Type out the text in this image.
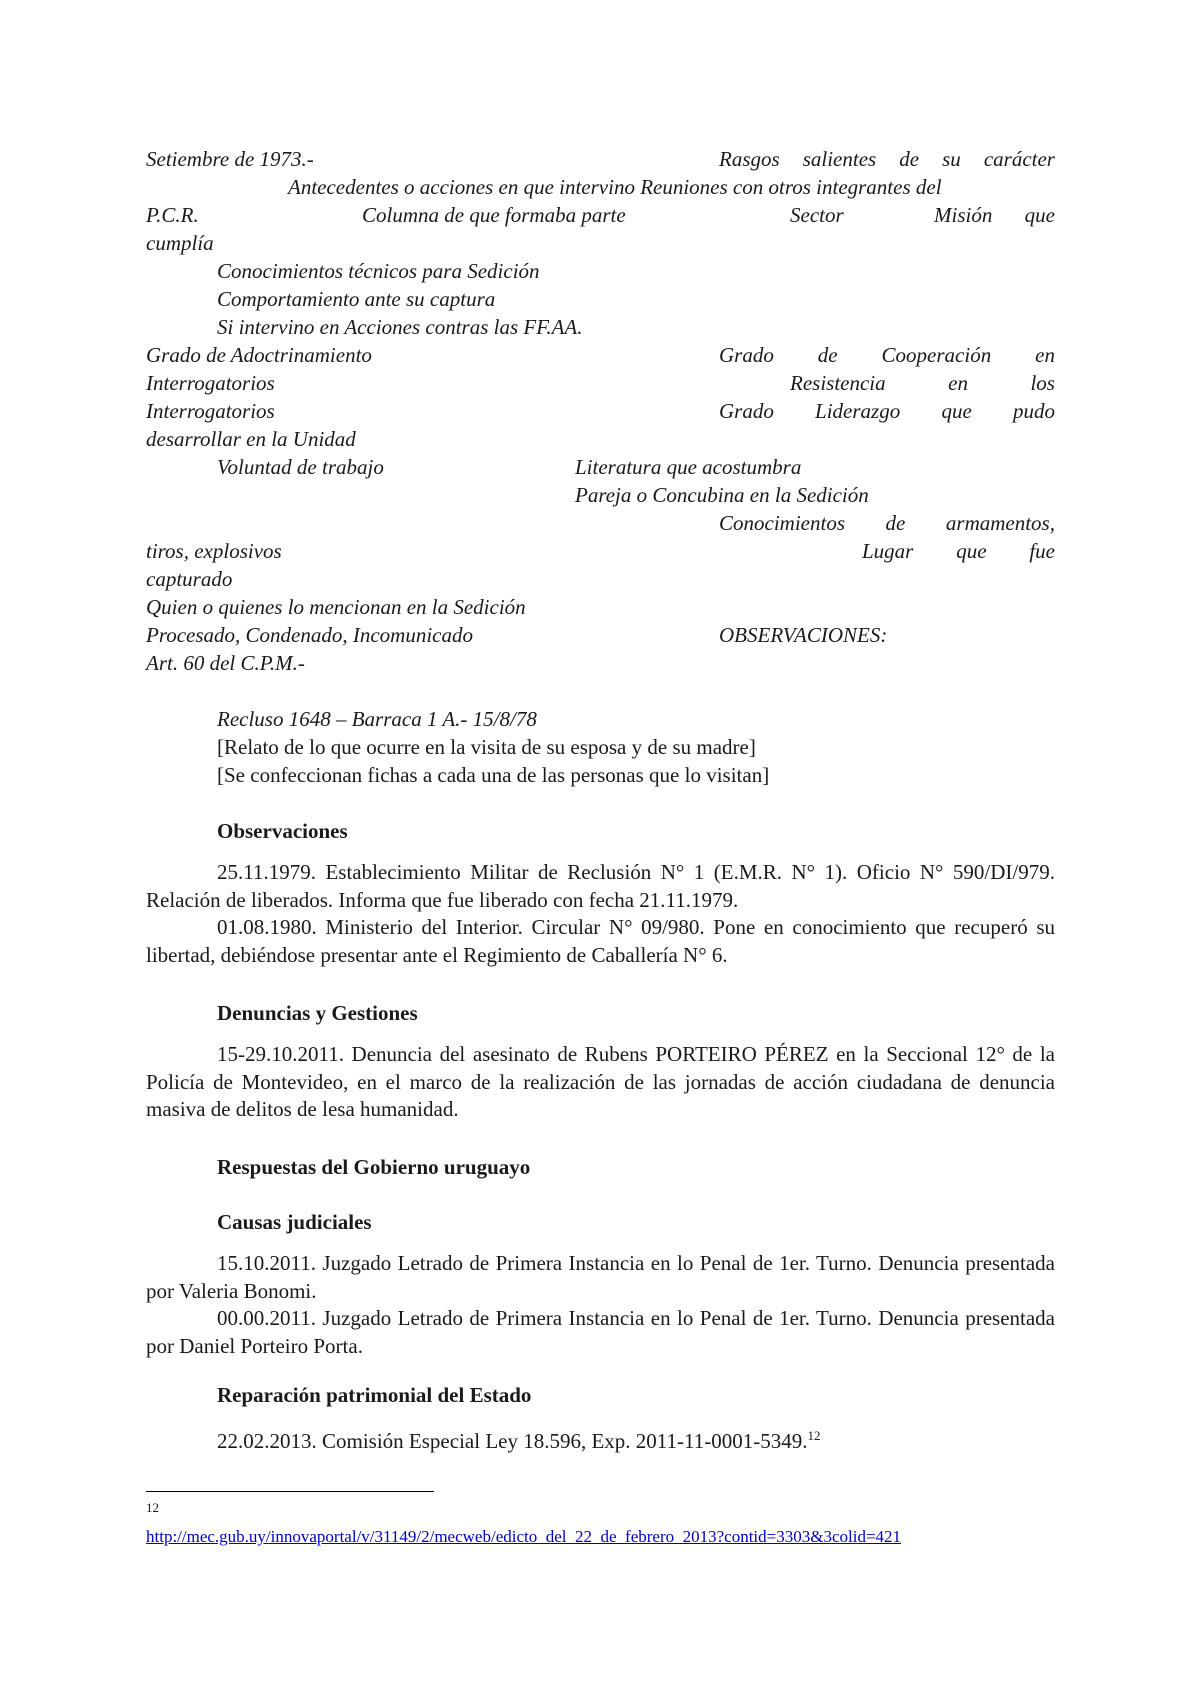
Setiembre de 1973.-	Rasgos salientes de su carácter
Antecedentes o acciones en que intervino Reuniones con otros integrantes del
P.C.R.	Columna de que formaba parte	Sector	Misión que
cumplía
Conocimientos técnicos para Sedición
Comportamiento ante su captura
Si intervino en Acciones contras las FF.AA.
Grado de Adoctrinamiento	Grado de Cooperación en
Interrogatorios	Resistencia	en	los
Interrogatorios	Grado Liderazgo que pudo
desarrollar en la Unidad
Voluntad de trabajo	Literatura que acostumbra
Pareja o Concubina en la Sedición
Conocimientos de armamentos,
tiros, explosivos	Lugar que fue
capturado
Quien o quienes lo mencionan en la Sedición
Procesado, Condenado, Incomunicado	OBSERVACIONES:
Art. 60 del C.P.M.-
Recluso 1648 – Barraca 1 A.- 15/8/78
[Relato de lo que ocurre en la visita de su esposa y de su madre]
[Se confeccionan fichas a cada una de las personas que lo visitan]
Observaciones
25.11.1979. Establecimiento Militar de Reclusión N° 1 (E.M.R. N° 1). Oficio N° 590/DI/979. Relación de liberados. Informa que fue liberado con fecha 21.11.1979.
01.08.1980. Ministerio del Interior. Circular N° 09/980. Pone en conocimiento que recuperó su libertad, debiéndose presentar ante el Regimiento de Caballería N° 6.
Denuncias y Gestiones
15-29.10.2011. Denuncia del asesinato de Rubens PORTEIRO PÉREZ en la Seccional 12° de la Policía de Montevideo, en el marco de la realización de las jornadas de acción ciudadana de denuncia masiva de delitos de lesa humanidad.
Respuestas del Gobierno uruguayo
Causas judiciales
15.10.2011. Juzgado Letrado de Primera Instancia en lo Penal de 1er. Turno. Denuncia presentada por Valeria Bonomi.
00.00.2011. Juzgado Letrado de Primera Instancia en lo Penal de 1er. Turno. Denuncia presentada por Daniel Porteiro Porta.
Reparación patrimonial del Estado
22.02.2013. Comisión Especial Ley 18.596, Exp. 2011-11-0001-5349.12
12
http://mec.gub.uy/innovaportal/v/31149/2/mecweb/edicto_del_22_de_febrero_2013?contid=3303&3colid=421
